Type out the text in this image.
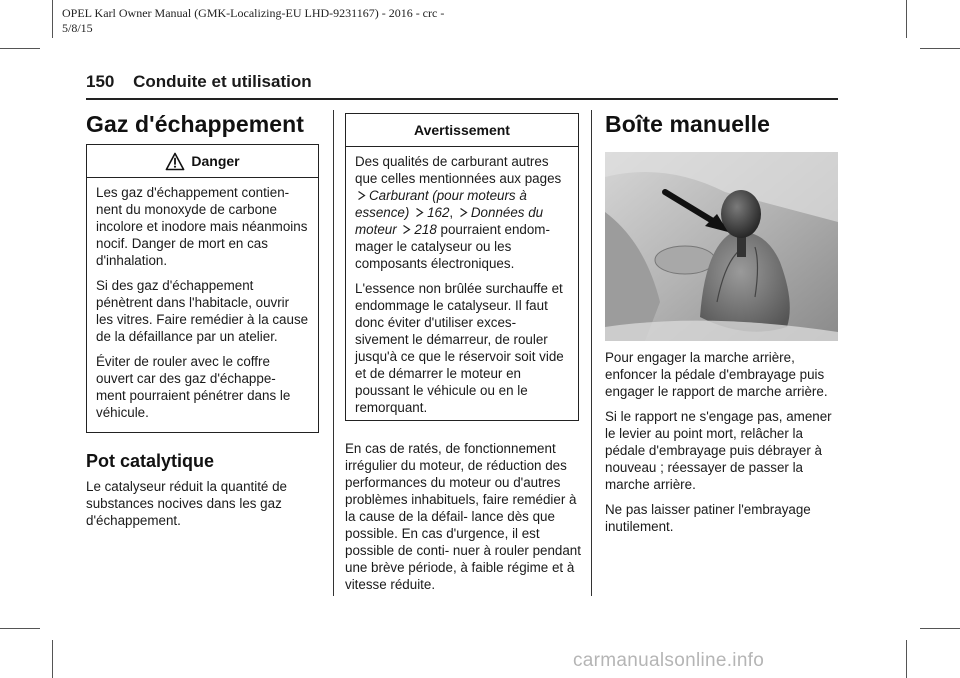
OPEL Karl Owner Manual (GMK-Localizing-EU LHD-9231167) - 2016 - crc -
5/8/15
150 Conduite et utilisation
Gaz d'échappement
Danger

Les gaz d'échappement contien- nent du monoxyde de carbone incolore et inodore mais néanmoins nocif. Danger de mort en cas d'inhalation.

Si des gaz d'échappement pénètrent dans l'habitacle, ouvrir les vitres. Faire remédier à la cause de la défaillance par un atelier.

Éviter de rouler avec le coffre ouvert car des gaz d'échappe- ment pourraient pénétrer dans le véhicule.

Pot catalytique

Le catalyseur réduit la quantité de substances nocives dans les gaz d'échappement.

Avertissement

Des qualités de carburant autres que celles mentionnées aux pages Carburant (pour moteurs à essence) 162, Données du moteur 218 pourraient endom- mager le catalyseur ou les composants électroniques.

L'essence non brûlée surchauffe et endommage le catalyseur. Il faut donc éviter d'utiliser exces- sivement le démarreur, de rouler jusqu'à ce que le réservoir soit vide et de démarrer le moteur en poussant le véhicule ou en le remorquant.

En cas de ratés, de fonctionnement irrégulier du moteur, de réduction des performances du moteur ou d'autres problèmes inhabituels, faire remédier à la cause de la défail- lance dès que possible. En cas d'urgence, il est possible de conti- nuer à rouler pendant une brève période, à faible régime et à vitesse réduite.

Boîte manuelle

Pour engager la marche arrière, enfoncer la pédale d'embrayage puis engager le rapport de marche arrière.

Si le rapport ne s'engage pas, amener le levier au point mort, relâcher la pédale d'embrayage puis débrayer à nouveau ; réessayer de passer la marche arrière.

Ne pas laisser patiner l'embrayage inutilement.

carmanualsonline.info
